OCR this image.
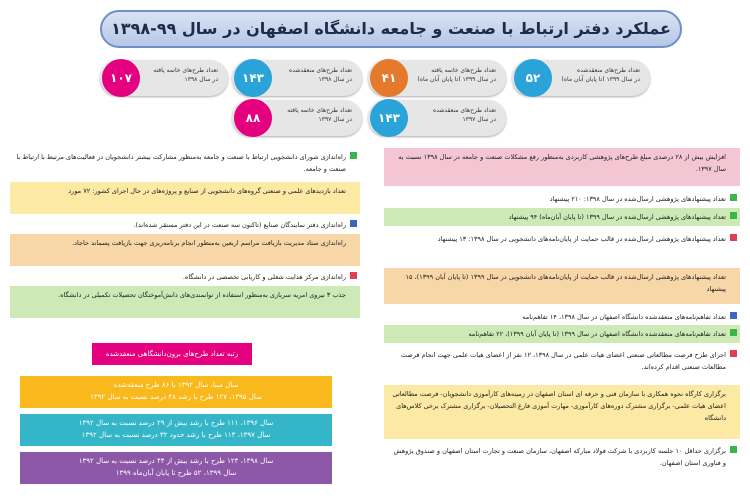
عملکرد دفتر ارتباط با صنعت و جامعه دانشگاه اصفهان در سال ۹۹-۱۳۹۸
۵۲
تعداد طرح‌های منعقدشده
در سال ۱۳۹۹ (تا پایان آبان ماه)
۴۱
تعداد طرح‌های خاتمه یافته
در سال ۱۳۹۹ (تا پایان آبان ماه)
۱۴۳
تعداد طرح‌های منعقدشده
در سال ۱۳۹۸
۱۰۷
تعداد طرح‌های خاتمه یافته
در سال ۱۳۹۸
۱۴۳
تعداد طرح‌های منعقدشده
در سال ۱۳۹۷
۸۸
تعداد طرح‌های خاتمه یافته
در سال ۱۳۹۷
افزایش بیش از ۲۸ درصدی مبلغ طرح‌های پژوهشی کاربردی به‌منظور رفع مشکلات صنعت و جامعه در سال ۱۳۹۸ نسبت به سال ۱۳۹۷.
تعداد پیشنهادهای پژوهشی ارسال‌شده در سال ۱۳۹۸: ۲۱۰ پیشنهاد
تعداد پیشنهادهای پژوهشی ارسال‌شده در سال ۱۳۹۹ (تا پایان آبان‌ماه) ۹۴ پیشنهاد
تعداد پیشنهادهای پژوهشی ارسال‌شده در قالب حمایت از پایان‌نامه‌های دانشجویی در سال ۱۳۹۸: ۱۳ پیشنهاد
تعداد پیشنهادهای پژوهشی ارسال‌شده در قالب حمایت از پایان‌نامه‌های دانشجویی در سال ۱۳۹۹ (تا پایان آبان ۱۳۹۹)، ۱۵ پیشنهاد
تعداد تفاهم‌نامه‌های منعقدشده دانشگاه اصفهان در سال ۱۳۹۸، ۱۴ تفاهم‌نامه
تعداد تفاهم‌نامه‌های منعقدشده دانشگاه اصفهان در سال ۱۳۹۹ (تا پایان آبان ۱۳۹۹)، ۲۲ تفاهم‌نامه
اجرای طرح فرصت مطالعاتی صنعتی اعضای هیات علمی در سال ۱۳۹۸، ۱۲ نفر از اعضای هیات علمی جهت انجام فرصت مطالعات صنعتی اقدام کرده‌اند.
برگزاری کارگاه نحوه همکاری با سازمان فنی و حرفه ای استان اصفهان در زمینه‌های کارآموزی دانشجویان- فرصت مطالعاتی اعضای هیات علمی- برگزاری مشترک دوره‌های کارآموزی- مهارت آموزی فارغ التحصیلان- برگزاری مشترک برخی کلاس‌های دانشگاه
برگزاری حداقل ۱۰ جلسه کاربردی با شرکت فولاد مبارکه اصفهان، سازمان صنعت و تجارت استان اصفهان و صندوق پژوهش و فناوری استان اصفهان.
راه‌اندازی شورای دانشجویی ارتباط با صنعت و جامعه به‌منظور مشارکت بیشتر دانشجویان در فعالیت‌های مرتبط با ارتباط با صنعت و جامعه.
تعداد بازدیدهای علمی و صنعتی گروه‌های دانشجویی از صنایع و پروژه‌های در حال اجرای کشور: ۷۲ مورد
راه‌اندازی دفتر نمایندگان صنایع (تاکنون سه صنعت در این دفتر مستقر شده‌اند).
راه‌اندازی ستاد مدیریت بازیافت مراسم اربعین به‌منظور انجام برنامه‌ریزی جهت بازیافت پسماند حاجاد.
راه‌اندازی مرکز هدایت شغلی و کاریابی تخصصی در دانشگاه.
جذب ۳ نیروی امریه سربازی به‌منظور استفاده از توانمندی‌های دانش‌آموختگان تحصیلات تکمیلی در دانشگاه.
رتبه تعداد طرح‌های برون‌دانشگاهی منعقدشده
سال مبنا، سال ۱۳۹۲ با ۸۶ طرح منعقدشده
سال ۱۳۹۵، ۱۲۷ طرح با رشد ۴۸ درصد نسبت به سال ۱۳۹۲
سال ۱۳۹۶، ۱۱۱ طرح با رشد بیش از ۲۹ درصد نسبت به سال ۱۳۹۲
سال ۱۳۹۷، ۱۱۳ طرح با رشد حدود ۳۲ درصد نسبت به سال ۱۳۹۲
سال ۱۳۹۸، ۱۲۴ طرح با رشد بیش از ۴۴ درصد نسبت به سال ۱۳۹۲
سال ۱۳۹۹، ۵۲ طرح تا پایان آبان‌ماه ۱۳۹۹
